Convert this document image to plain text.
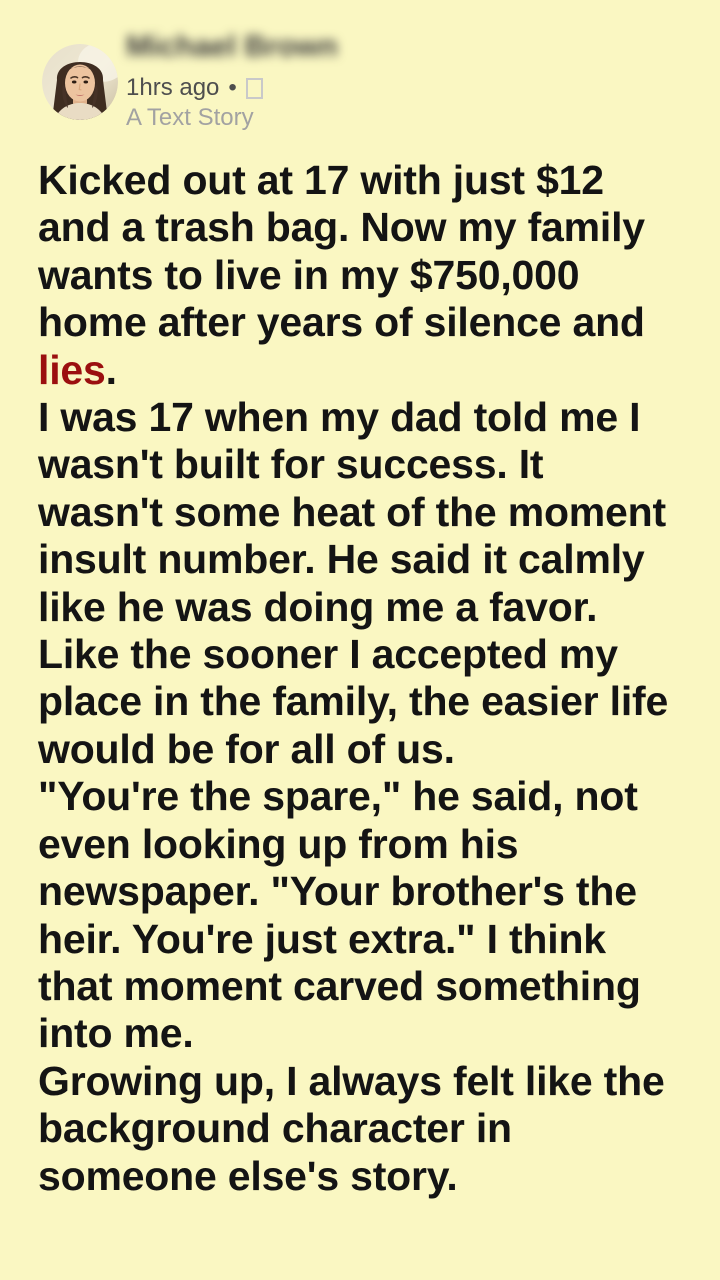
Michael Brown
1hrs ago •
A Text Story
Kicked out at 17 with just $12
and a trash bag. Now my family
wants to live in my $750,000
home after years of silence and
lies.
I was 17 when my dad told me I
wasn't built for success. It
wasn't some heat of the moment
insult number. He said it calmly
like he was doing me a favor.
Like the sooner I accepted my
place in the family, the easier life
would be for all of us.
"You're the spare," he said, not
even looking up from his
newspaper. "Your brother's the
heir. You're just extra." I think
that moment carved something
into me.
Growing up, I always felt like the
background character in
someone else's story.
